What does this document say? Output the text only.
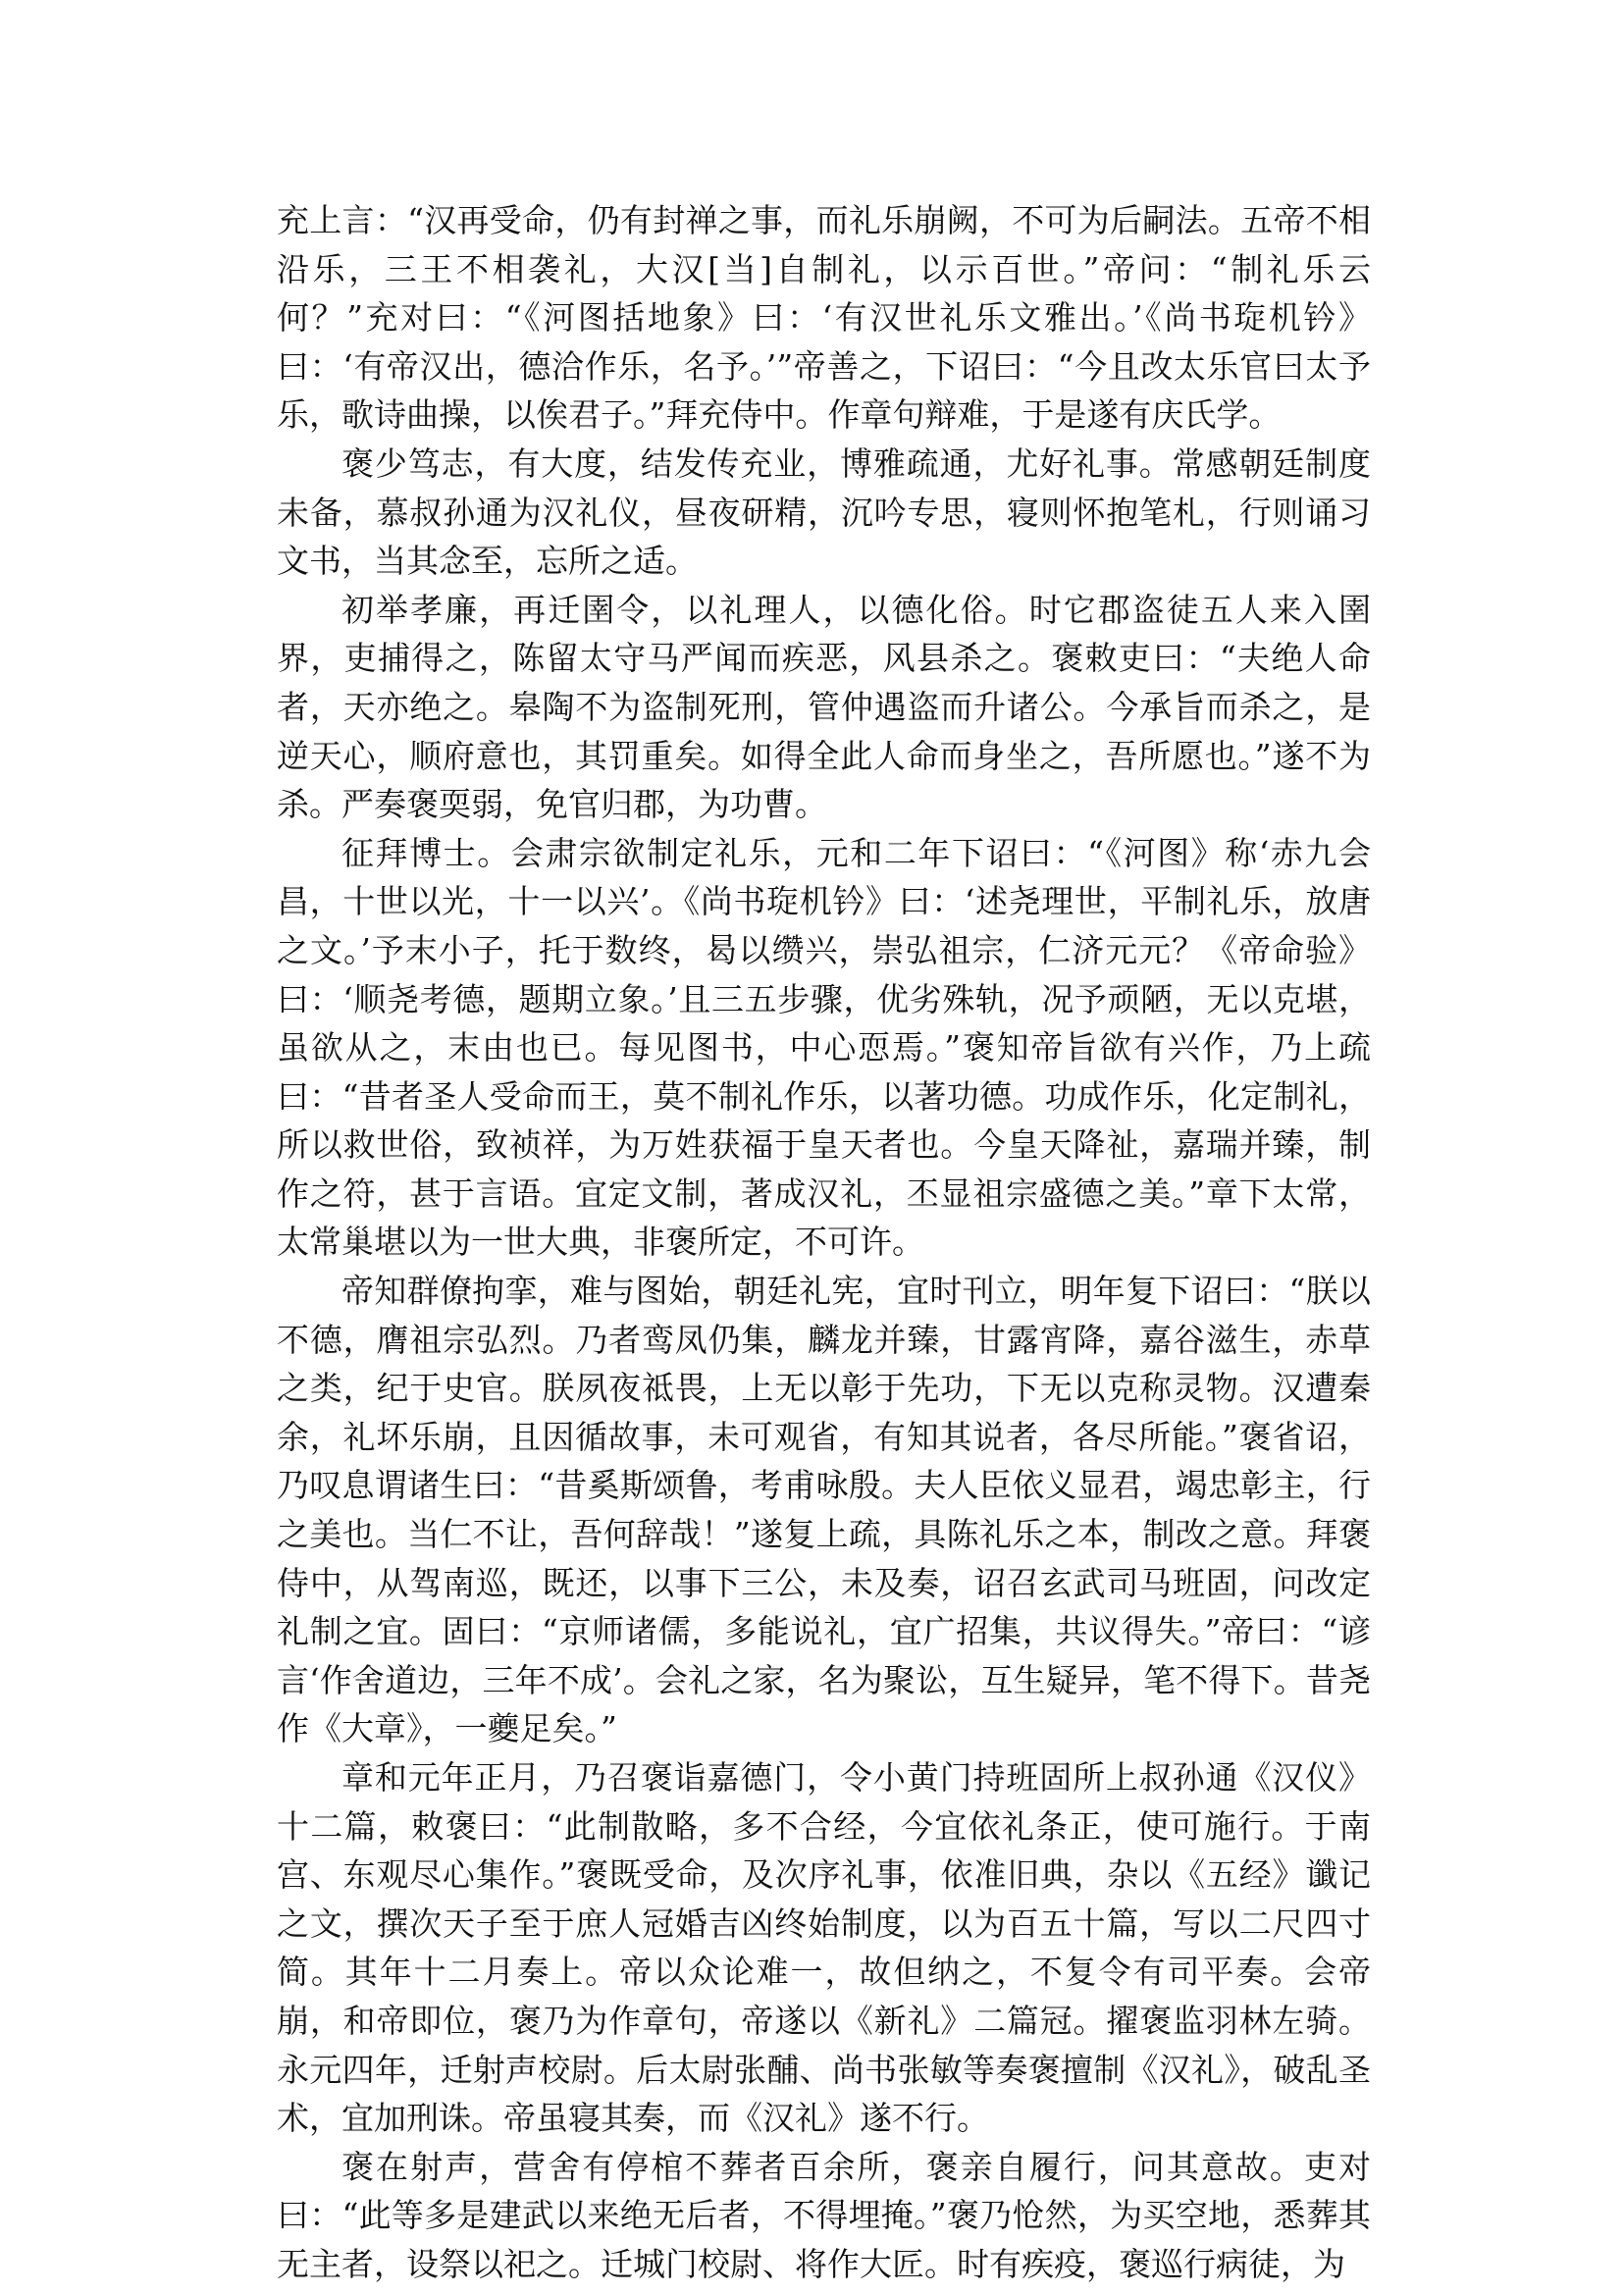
充上言：“汉再受命，仍有封禅之事，而礼乐崩阙，不可为后嗣法。五帝不相沿乐，三王不相袭礼，大汉[当]自制礼，以示百世。”帝问：“制礼乐云何？”充对曰：“《河图括地象》曰：‘有汉世礼乐文雅出。’《尚书琁机钤》曰：‘有帝汉出，德洽作乐，名予。’”帝善之，下诏曰：“今且改太乐官曰太予乐，歌诗曲操，以俟君子。”拜充侍中。作章句辩难，于是遂有庆氏学。

褒少笃志，有大度，结发传充业，博雅疏通，尤好礼事。常感朝廷制度未备，慕叔孙通为汉礼仪，昼夜研精，沉吟专思，寝则怀抱笔札，行则诵习文书，当其念至，忘所之适。

初举孝廉，再迁圉令，以礼理人，以德化俗。时它郡盗徒五人来入圉界，吏捕得之，陈留太守马严闻而疾恶，风县杀之。褒敕吏曰：“夫绝人命者，天亦绝之。皋陶不为盗制死刑，管仲遇盗而升诸公。今承旨而杀之，是逆天心，顺府意也，其罚重矣。如得全此人命而身坐之，吾所愿也。”遂不为杀。严奏褒耎弱，免官归郡，为功曹。

征拜博士。会肃宗欲制定礼乐，元和二年下诏曰：“《河图》称‘赤九会昌，十世以光，十一以兴’。《尚书琁机钤》曰：‘述尧理世，平制礼乐，放唐之文。’予末小子，托于数终，曷以缵兴，崇弘祖宗，仁济元元？《帝命验》曰：‘顺尧考德，题期立象。’且三五步骤，优劣殊轨，况予顽陋，无以克堪，虽欲从之，末由也已。每见图书，中心恧焉。”褒知帝旨欲有兴作，乃上疏曰：“昔者圣人受命而王，莫不制礼作乐，以著功德。功成作乐，化定制礼，所以救世俗，致祯祥，为万姓获福于皇天者也。今皇天降祉，嘉瑞并臻，制作之符，甚于言语。宜定文制，著成汉礼，丕显祖宗盛德之美。”章下太常，太常巢堪以为一世大典，非褒所定，不可许。

帝知群僚拘挛，难与图始，朝廷礼宪，宜时刊立，明年复下诏曰：“朕以不德，膺祖宗弘烈。乃者鸾凤仍集，麟龙并臻，甘露宵降，嘉谷滋生，赤草之类，纪于史官。朕夙夜祗畏，上无以彰于先功，下无以克称灵物。汉遭秦余，礼坏乐崩，且因循故事，未可观省，有知其说者，各尽所能。”褒省诏，乃叹息谓诸生曰：“昔奚斯颂鲁，考甫咏殷。夫人臣依义显君，竭忠彰主，行之美也。当仁不让，吾何辞哉！”遂复上疏，具陈礼乐之本，制改之意。拜褒侍中，从驾南巡，既还，以事下三公，未及奏，诏召玄武司马班固，问改定礼制之宜。固曰：“京师诸儒，多能说礼，宜广招集，共议得失。”帝曰：“谚言‘作舍道边，三年不成’。会礼之家，名为聚讼，互生疑异，笔不得下。昔尧作《大章》，一夔足矣。”

章和元年正月，乃召褒诣嘉德门，令小黄门持班固所上叔孙通《汉仪》十二篇，敕褒曰：“此制散略，多不合经，今宜依礼条正，使可施行。于南宫、东观尽心集作。”褒既受命，及次序礼事，依准旧典，杂以《五经》谶记之文，撰次天子至于庶人冠婚吉凶终始制度，以为百五十篇，写以二尺四寸简。其年十二月奏上。帝以众论难一，故但纳之，不复令有司平奏。会帝崩，和帝即位，褒乃为作章句，帝遂以《新礼》二篇冠。擢褒监羽林左骑。永元四年，迁射声校尉。后太尉张酺、尚书张敏等奏褒擅制《汉礼》，破乱圣术，宜加刑诛。帝虽寝其奏，而《汉礼》遂不行。

褒在射声，营舍有停棺不葬者百余所，褒亲自履行，问其意故。吏对曰：“此等多是建武以来绝无后者，不得埋掩。”褒乃怆然，为买空地，悉葬其无主者，设祭以祀之。迁城门校尉、将作大匠。时有疾疫，褒巡行病徒，为
